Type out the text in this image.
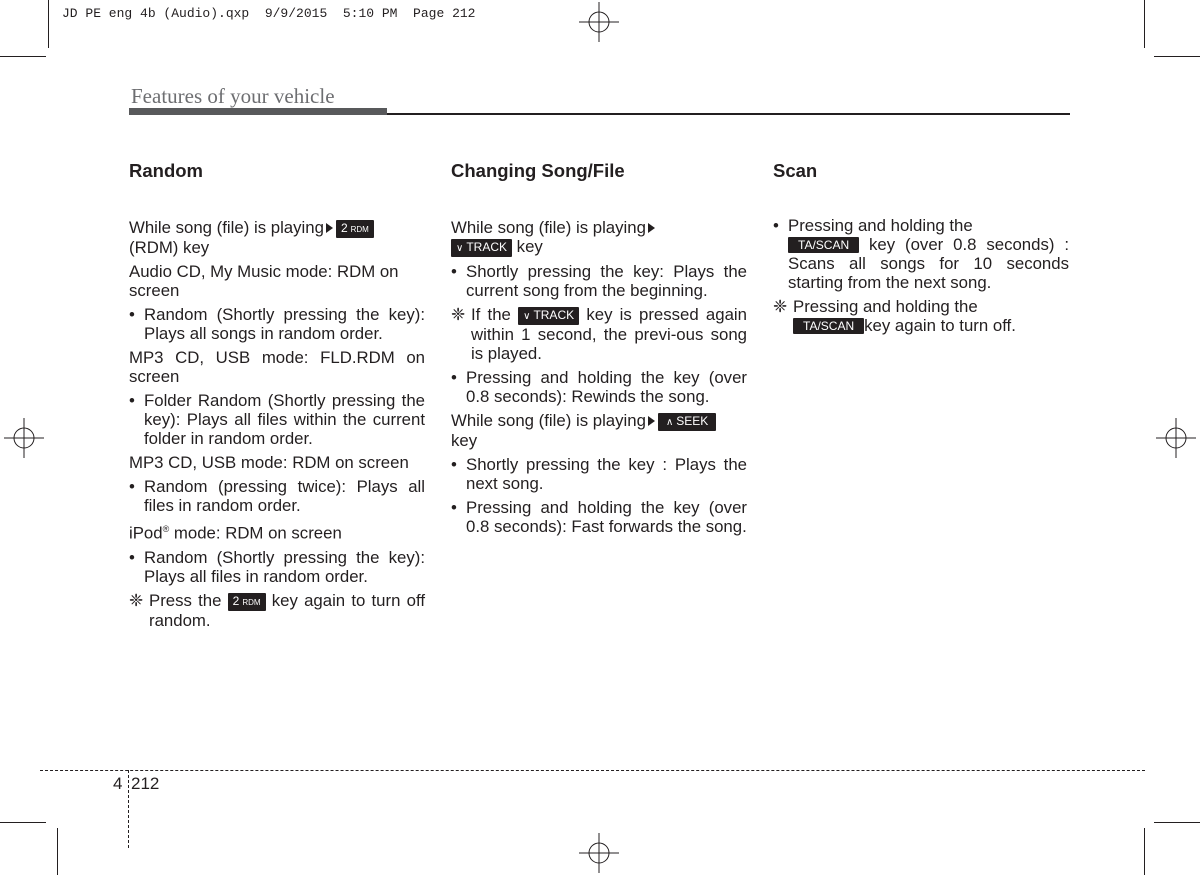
JD PE eng 4b (Audio).qxp  9/9/2015  5:10 PM  Page 212
Features of your vehicle
Random

While song (file) is playing 2 RDM
(RDM) key

Audio CD, My Music mode: RDM on screen

• Random (Shortly pressing the key): Plays all songs in random order.

MP3 CD, USB mode: FLD.RDM on screen

• Folder Random (Shortly pressing the key): Plays all files within the current folder in random order.

MP3 CD, USB mode: RDM on screen

• Random (pressing twice): Plays all files in random order.

iPod® mode: RDM on screen

• Random (Shortly pressing the key): Plays all files in random order.
❈ Press the 2 RDM key again to turn off random.
Changing Song/File

While song (file) is playing
∨ TRACK key

• Shortly pressing the key: Plays the current song from the beginning.
❈ If the ∨ TRACK key is pressed again within 1 second, the previ-ous song is played.
• Pressing and holding the key (over 0.8 seconds): Rewinds the song.

While song (file) is playing ∧ SEEK
key

• Shortly pressing the key : Plays the next song.
• Pressing and holding the key (over 0.8 seconds): Fast forwards the song.
Scan
• Pressing and holding the
TA/SCAN key (over 0.8 seconds) : Scans all songs for 10 seconds starting from the next song.
❈ Pressing and holding the
TA/SCAN key again to turn off.
4 212
